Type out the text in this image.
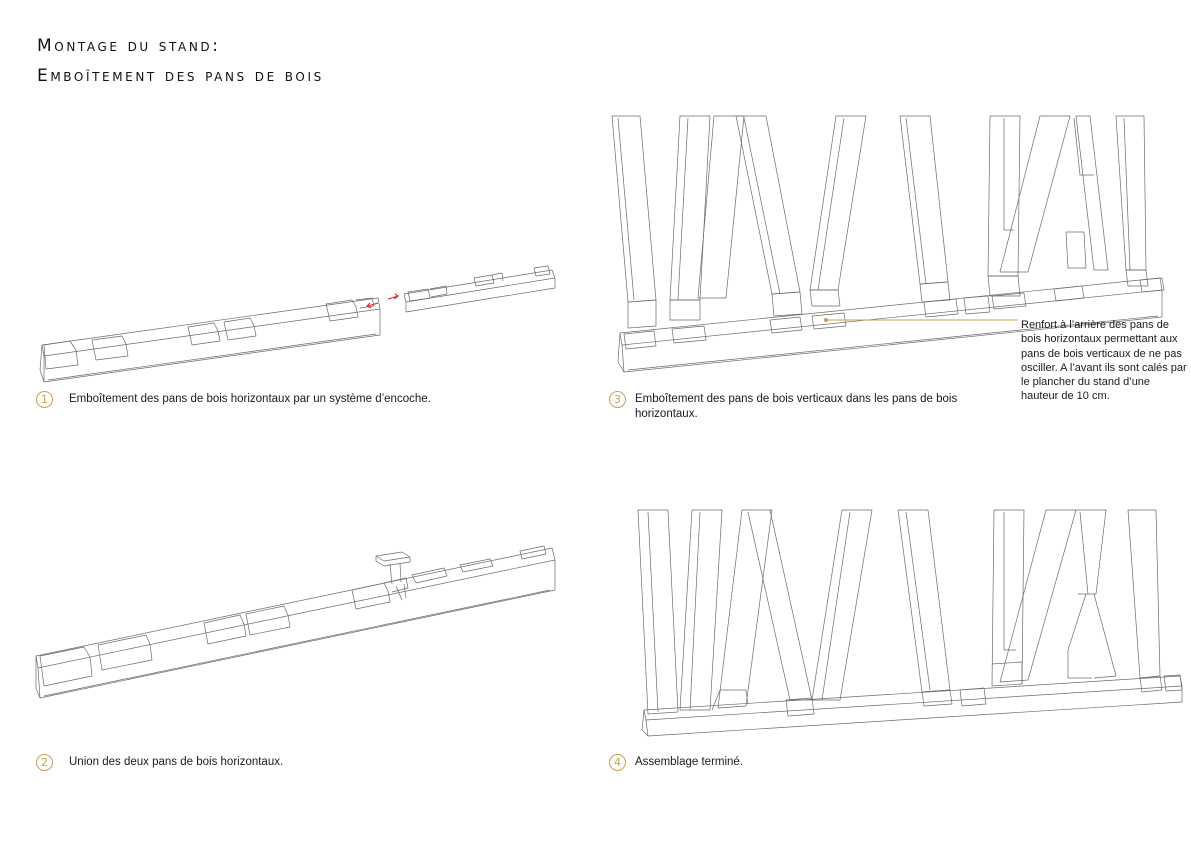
Montage du stand:
Emboîtement des pans de bois
1	Emboîtement des pans de bois horizontaux par un système d’encoche.
2	Union des deux pans de bois horizontaux.
3	Emboîtement des pans de bois verticaux dans les pans de bois horizontaux.
4	Assemblage terminé.
Renfort à l’arrière des pans de bois horizontaux permettant aux pans de bois verticaux de ne pas osciller. A l’avant ils sont calés par le plancher du stand d’une hauteur de 10 cm.
